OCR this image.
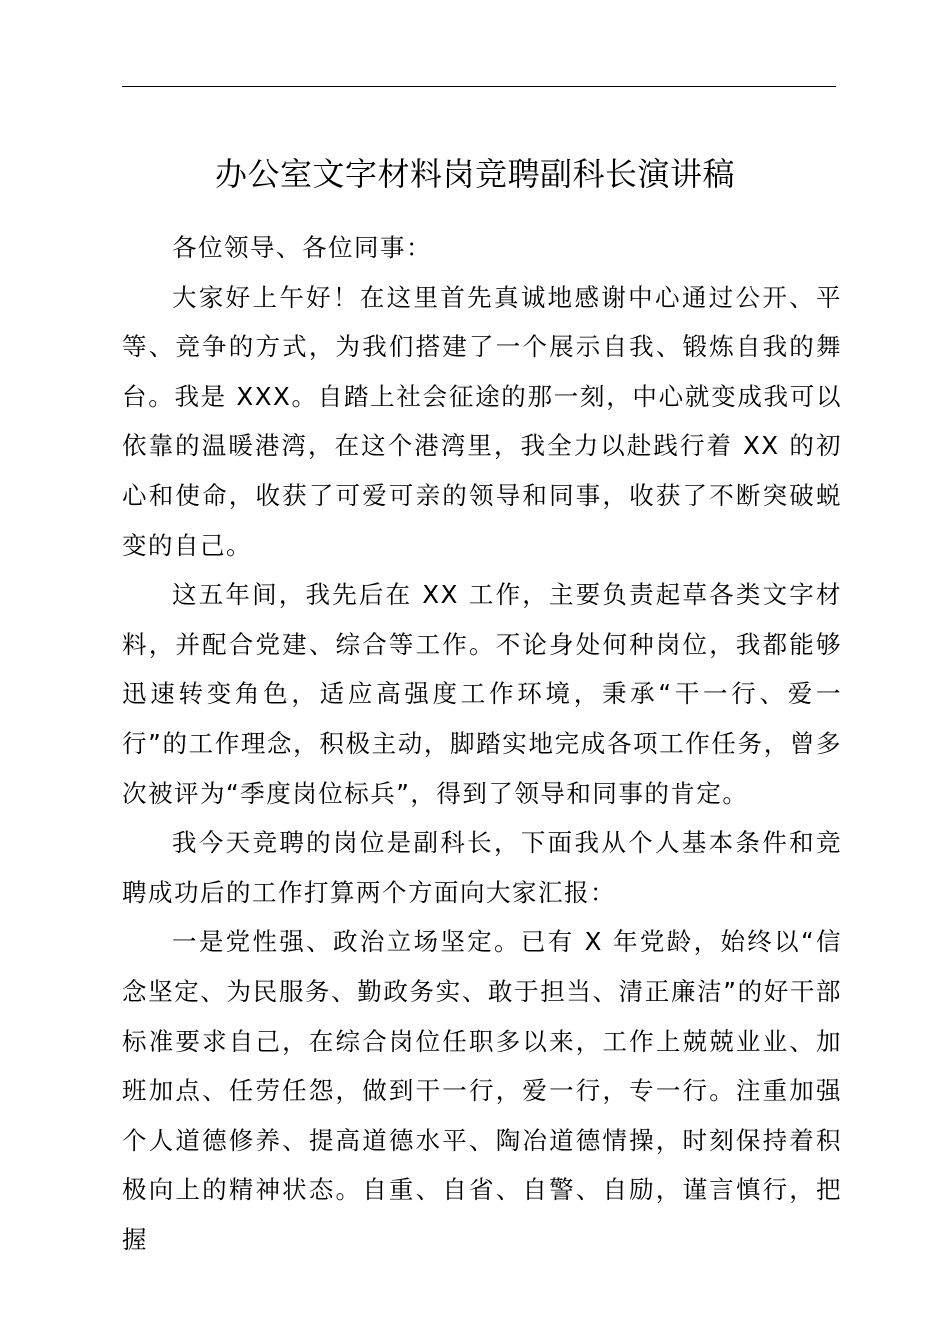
办公室文字材料岗竞聘副科长演讲稿

各位领导、各位同事：

大家好上午好！在这里首先真诚地感谢中心通过公开、平等、竞争的方式，为我们搭建了一个展示自我、锻炼自我的舞台。我是 XXX。自踏上社会征途的那一刻，中心就变成我可以依靠的温暖港湾，在这个港湾里，我全力以赴践行着 XX 的初心和使命，收获了可爱可亲的领导和同事，收获了不断突破蜕变的自己。

这五年间，我先后在 XX 工作，主要负责起草各类文字材料，并配合党建、综合等工作。不论身处何种岗位，我都能够迅速转变角色，适应高强度工作环境，秉承“干一行、爱一行”的工作理念，积极主动，脚踏实地完成各项工作任务，曾多次被评为“季度岗位标兵”，得到了领导和同事的肯定。

我今天竞聘的岗位是副科长，下面我从个人基本条件和竞聘成功后的工作打算两个方面向大家汇报：

一是党性强、政治立场坚定。已有 X 年党龄，始终以“信念坚定、为民服务、勤政务实、敢于担当、清正廉洁”的好干部标准要求自己，在综合岗位任职多以来，工作上兢兢业业、加班加点、任劳任怨，做到干一行，爱一行，专一行。注重加强个人道德修养、提高道德水平、陶冶道德情操，时刻保持着积极向上的精神状态。自重、自省、自警、自励，谨言慎行，把握
